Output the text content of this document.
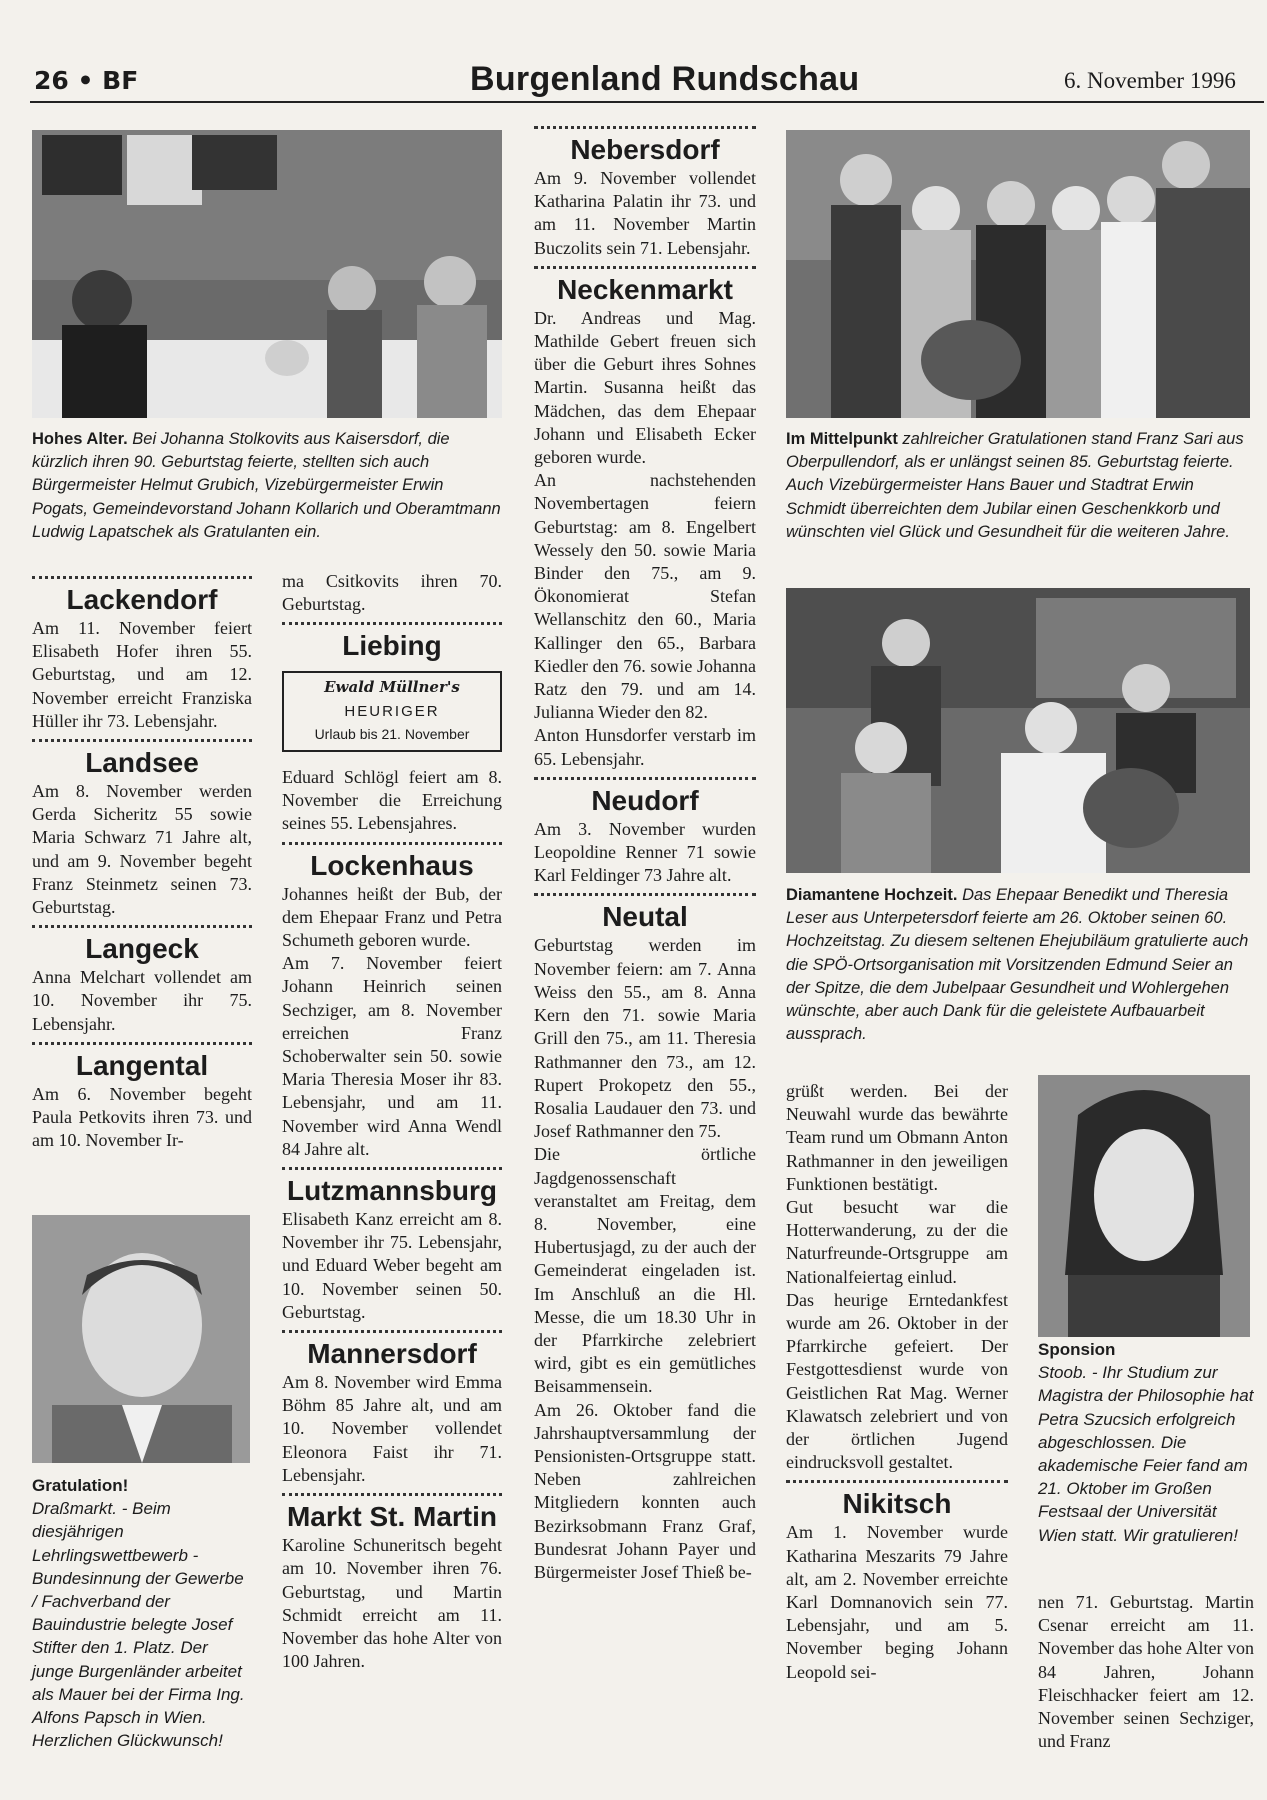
26 • BF	Burgenland Rundschau	6. November 1996
Hohes Alter. Bei Johanna Stolkovits aus Kaisersdorf, die kürzlich ihren 90. Geburtstag feierte, stellten sich auch Bürgermeister Helmut Grubich, Vizebürgermeister Erwin Pogats, Gemeindevorstand Johann Kollarich und Oberamtmann Ludwig Lapatschek als Gratulanten ein.
Lackendorf

Am 11. November feiert Elisabeth Hofer ihren 55. Geburtstag, und am 12. November erreicht Franziska Hüller ihr 73. Lebensjahr.

Landsee

Am 8. November werden Gerda Sicheritz 55 sowie Maria Schwarz 71 Jahre alt, und am 9. November begeht Franz Steinmetz seinen 73. Geburtstag.

Langeck

Anna Melchart vollendet am 10. November ihr 75. Lebensjahr.

Langental

Am 6. November begeht Paula Petkovits ihren 73. und am 10. November Ir-

Gratulation!
Draßmarkt. - Beim diesjährigen Lehrlingswettbewerb - Bundesinnung der Gewerbe / Fachverband der Bauindustrie belegte Josef Stifter den 1. Platz. Der junge Burgenländer arbeitet als Mauer bei der Firma Ing. Alfons Papsch in Wien. Herzlichen Glückwunsch!

ma Csitkovits ihren 70. Geburtstag.

Liebing
Ewald Müllner's
HEURIGER
Urlaub bis 21. November

Eduard Schlögl feiert am 8. November die Erreichung seines 55. Lebensjahres.

Lockenhaus

Johannes heißt der Bub, der dem Ehepaar Franz und Petra Schumeth geboren wurde.

Am 7. November feiert Johann Heinrich seinen Sechziger, am 8. November erreichen Franz Schoberwalter sein 50. sowie Maria Theresia Moser ihr 83. Lebensjahr, und am 11. November wird Anna Wendl 84 Jahre alt.

Lutzmannsburg

Elisabeth Kanz erreicht am 8. November ihr 75. Lebensjahr, und Eduard Weber begeht am 10. November seinen 50. Geburtstag.

Mannersdorf

Am 8. November wird Emma Böhm 85 Jahre alt, und am 10. November vollendet Eleonora Faist ihr 71. Lebensjahr.

Markt St. Martin

Karoline Schuneritsch begeht am 10. November ihren 76. Geburtstag, und Martin Schmidt erreicht am 11. November das hohe Alter von 100 Jahren.

Nebersdorf

Am 9. November vollendet Katharina Palatin ihr 73. und am 11. November Martin Buczolits sein 71. Lebensjahr.

Neckenmarkt

Dr. Andreas und Mag. Mathilde Gebert freuen sich über die Geburt ihres Sohnes Martin. Susanna heißt das Mädchen, das dem Ehepaar Johann und Elisabeth Ecker geboren wurde.

An nachstehenden Novembertagen feiern Geburtstag: am 8. Engelbert Wessely den 50. sowie Maria Binder den 75., am 9. Ökonomierat Stefan Wellanschitz den 60., Maria Kallinger den 65., Barbara Kiedler den 76. sowie Johanna Ratz den 79. und am 14. Julianna Wieder den 82.

Anton Hunsdorfer verstarb im 65. Lebensjahr.

Neudorf

Am 3. November wurden Leopoldine Renner 71 sowie Karl Feldinger 73 Jahre alt.

Neutal

Geburtstag werden im November feiern: am 7. Anna Weiss den 55., am 8. Anna Kern den 71. sowie Maria Grill den 75., am 11. Theresia Rathmanner den 73., am 12. Rupert Prokopetz den 55., Rosalia Laudauer den 73. und Josef Rathmanner den 75.

Die örtliche Jagdgenossenschaft veranstaltet am Freitag, dem 8. November, eine Hubertusjagd, zu der auch der Gemeinderat eingeladen ist. Im Anschluß an die Hl. Messe, die um 18.30 Uhr in der Pfarrkirche zelebriert wird, gibt es ein gemütliches Beisammensein.

Am 26. Oktober fand die Jahrshauptversammlung der Pensionisten-Ortsgruppe statt. Neben zahlreichen Mitgliedern konnten auch Bezirksobmann Franz Graf, Bundesrat Johann Payer und Bürgermeister Josef Thieß be-

Im Mittelpunkt zahlreicher Gratulationen stand Franz Sari aus Oberpullendorf, als er unlängst seinen 85. Geburtstag feierte. Auch Vizebürgermeister Hans Bauer und Stadtrat Erwin Schmidt überreichten dem Jubilar einen Geschenkkorb und wünschten viel Glück und Gesundheit für die weiteren Jahre.
Diamantene Hochzeit. Das Ehepaar Benedikt und Theresia Leser aus Unterpetersdorf feierte am 26. Oktober seinen 60. Hochzeitstag. Zu diesem seltenen Ehejubiläum gratulierte auch die SPÖ-Ortsorganisation mit Vorsitzenden Edmund Seier an der Spitze, die dem Jubelpaar Gesundheit und Wohlergehen wünschte, aber auch Dank für die geleistete Aufbauarbeit aussprach.

grüßt werden. Bei der Neuwahl wurde das bewährte Team rund um Obmann Anton Rathmanner in den jeweiligen Funktionen bestätigt.

Gut besucht war die Hotterwanderung, zu der die Naturfreunde-Ortsgruppe am Nationalfeiertag einlud.

Das heurige Erntedankfest wurde am 26. Oktober in der Pfarrkirche gefeiert. Der Festgottesdienst wurde von Geistlichen Rat Mag. Werner Klawatsch zelebriert und von der örtlichen Jugend eindrucksvoll gestaltet.

Nikitsch

Am 1. November wurde Katharina Meszarits 79 Jahre alt, am 2. November erreichte Karl Domnanovich sein 77. Lebensjahr, und am 5. November beging Johann Leopold sei-

Sponsion
Stoob. - Ihr Studium zur Magistra der Philosophie hat Petra Szucsich erfolgreich abgeschlossen. Die akademische Feier fand am 21. Oktober im Großen Festsaal der Universität Wien statt. Wir gratulieren!

nen 71. Geburtstag. Martin Csenar erreicht am 11. November das hohe Alter von 84 Jahren, Johann Fleischhacker feiert am 12. November seinen Sechziger, und Franz
